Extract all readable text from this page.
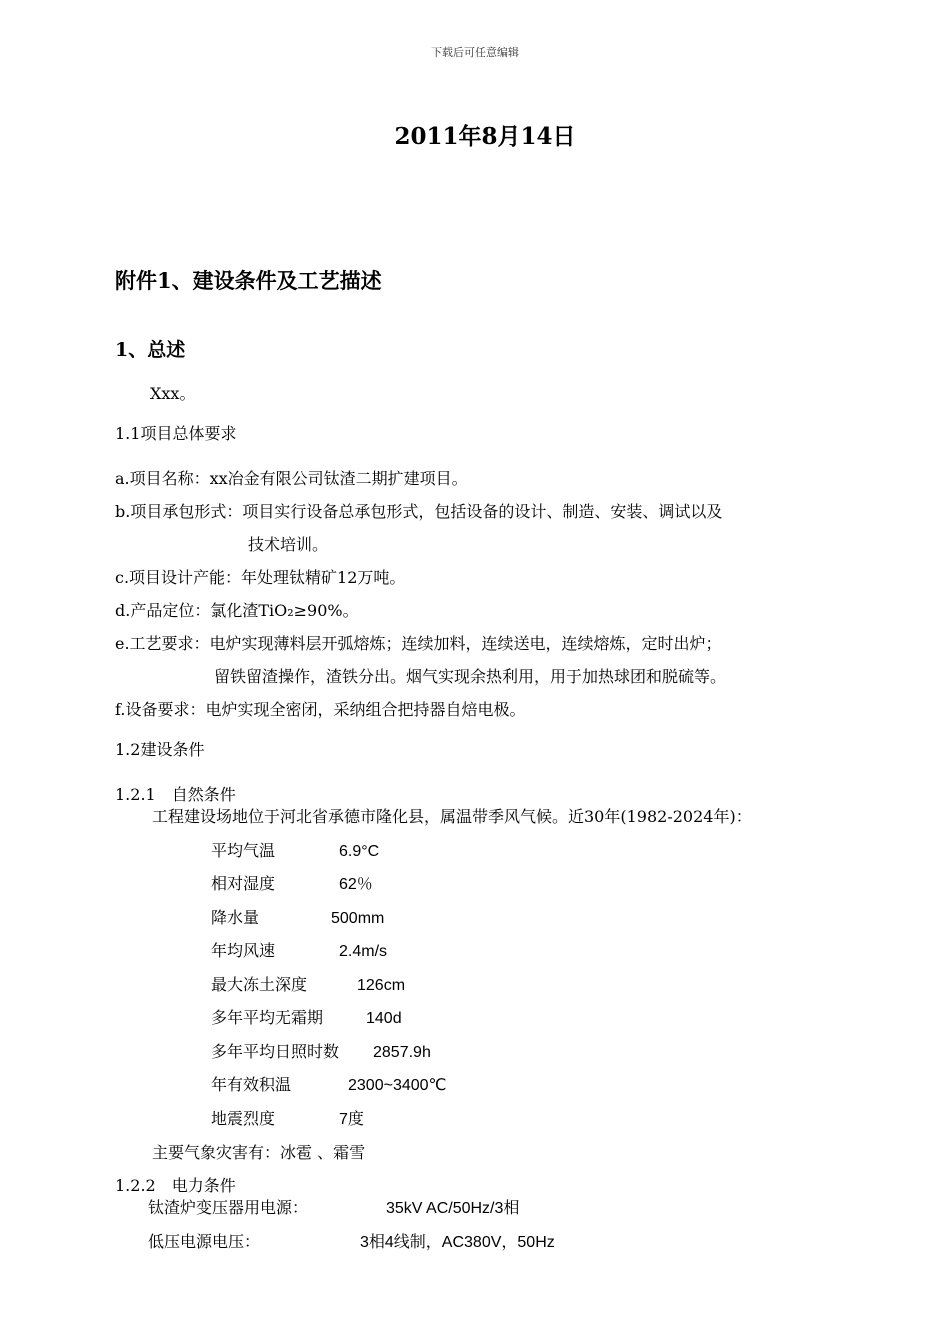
下载后可任意编辑
2011年8月14日
附件1、建设条件及工艺描述
1、总述
Xxx。
1.1项目总体要求
a.项目名称：xx冶金有限公司钛渣二期扩建项目。
b.项目承包形式：项目实行设备总承包形式，包括设备的设计、制造、安装、调试以及
技术培训。
c.项目设计产能：年处理钛精矿12万吨。
d.产品定位：氯化渣TiO₂≥90%。
e.工艺要求：电炉实现薄料层开弧熔炼；连续加料，连续送电，连续熔炼，定时出炉；
留铁留渣操作，渣铁分出。烟气实现余热利用，用于加热球团和脱硫等。
f.设备要求：电炉实现全密闭，采纳组合把持器自焙电极。
1.2建设条件
1.2.1　自然条件
工程建设场地位于河北省承德市隆化县，属温带季风气候。近30年(1982-2024年)：
平均气温	6.9°C
相对湿度	62％
降水量	500mm
年均风速	2.4m/s
最大冻土深度	126cm
多年平均无霜期	140d
多年平均日照时数 2857.9h
年有效积温	2300~3400℃
地震烈度	7度
主要气象灾害有：冰雹 、霜雪
1.2.2　电力条件
钛渣炉变压器用电源：	35kV AC/50Hz/3相
低压电源电压：	3相4线制，AC380V，50Hz
